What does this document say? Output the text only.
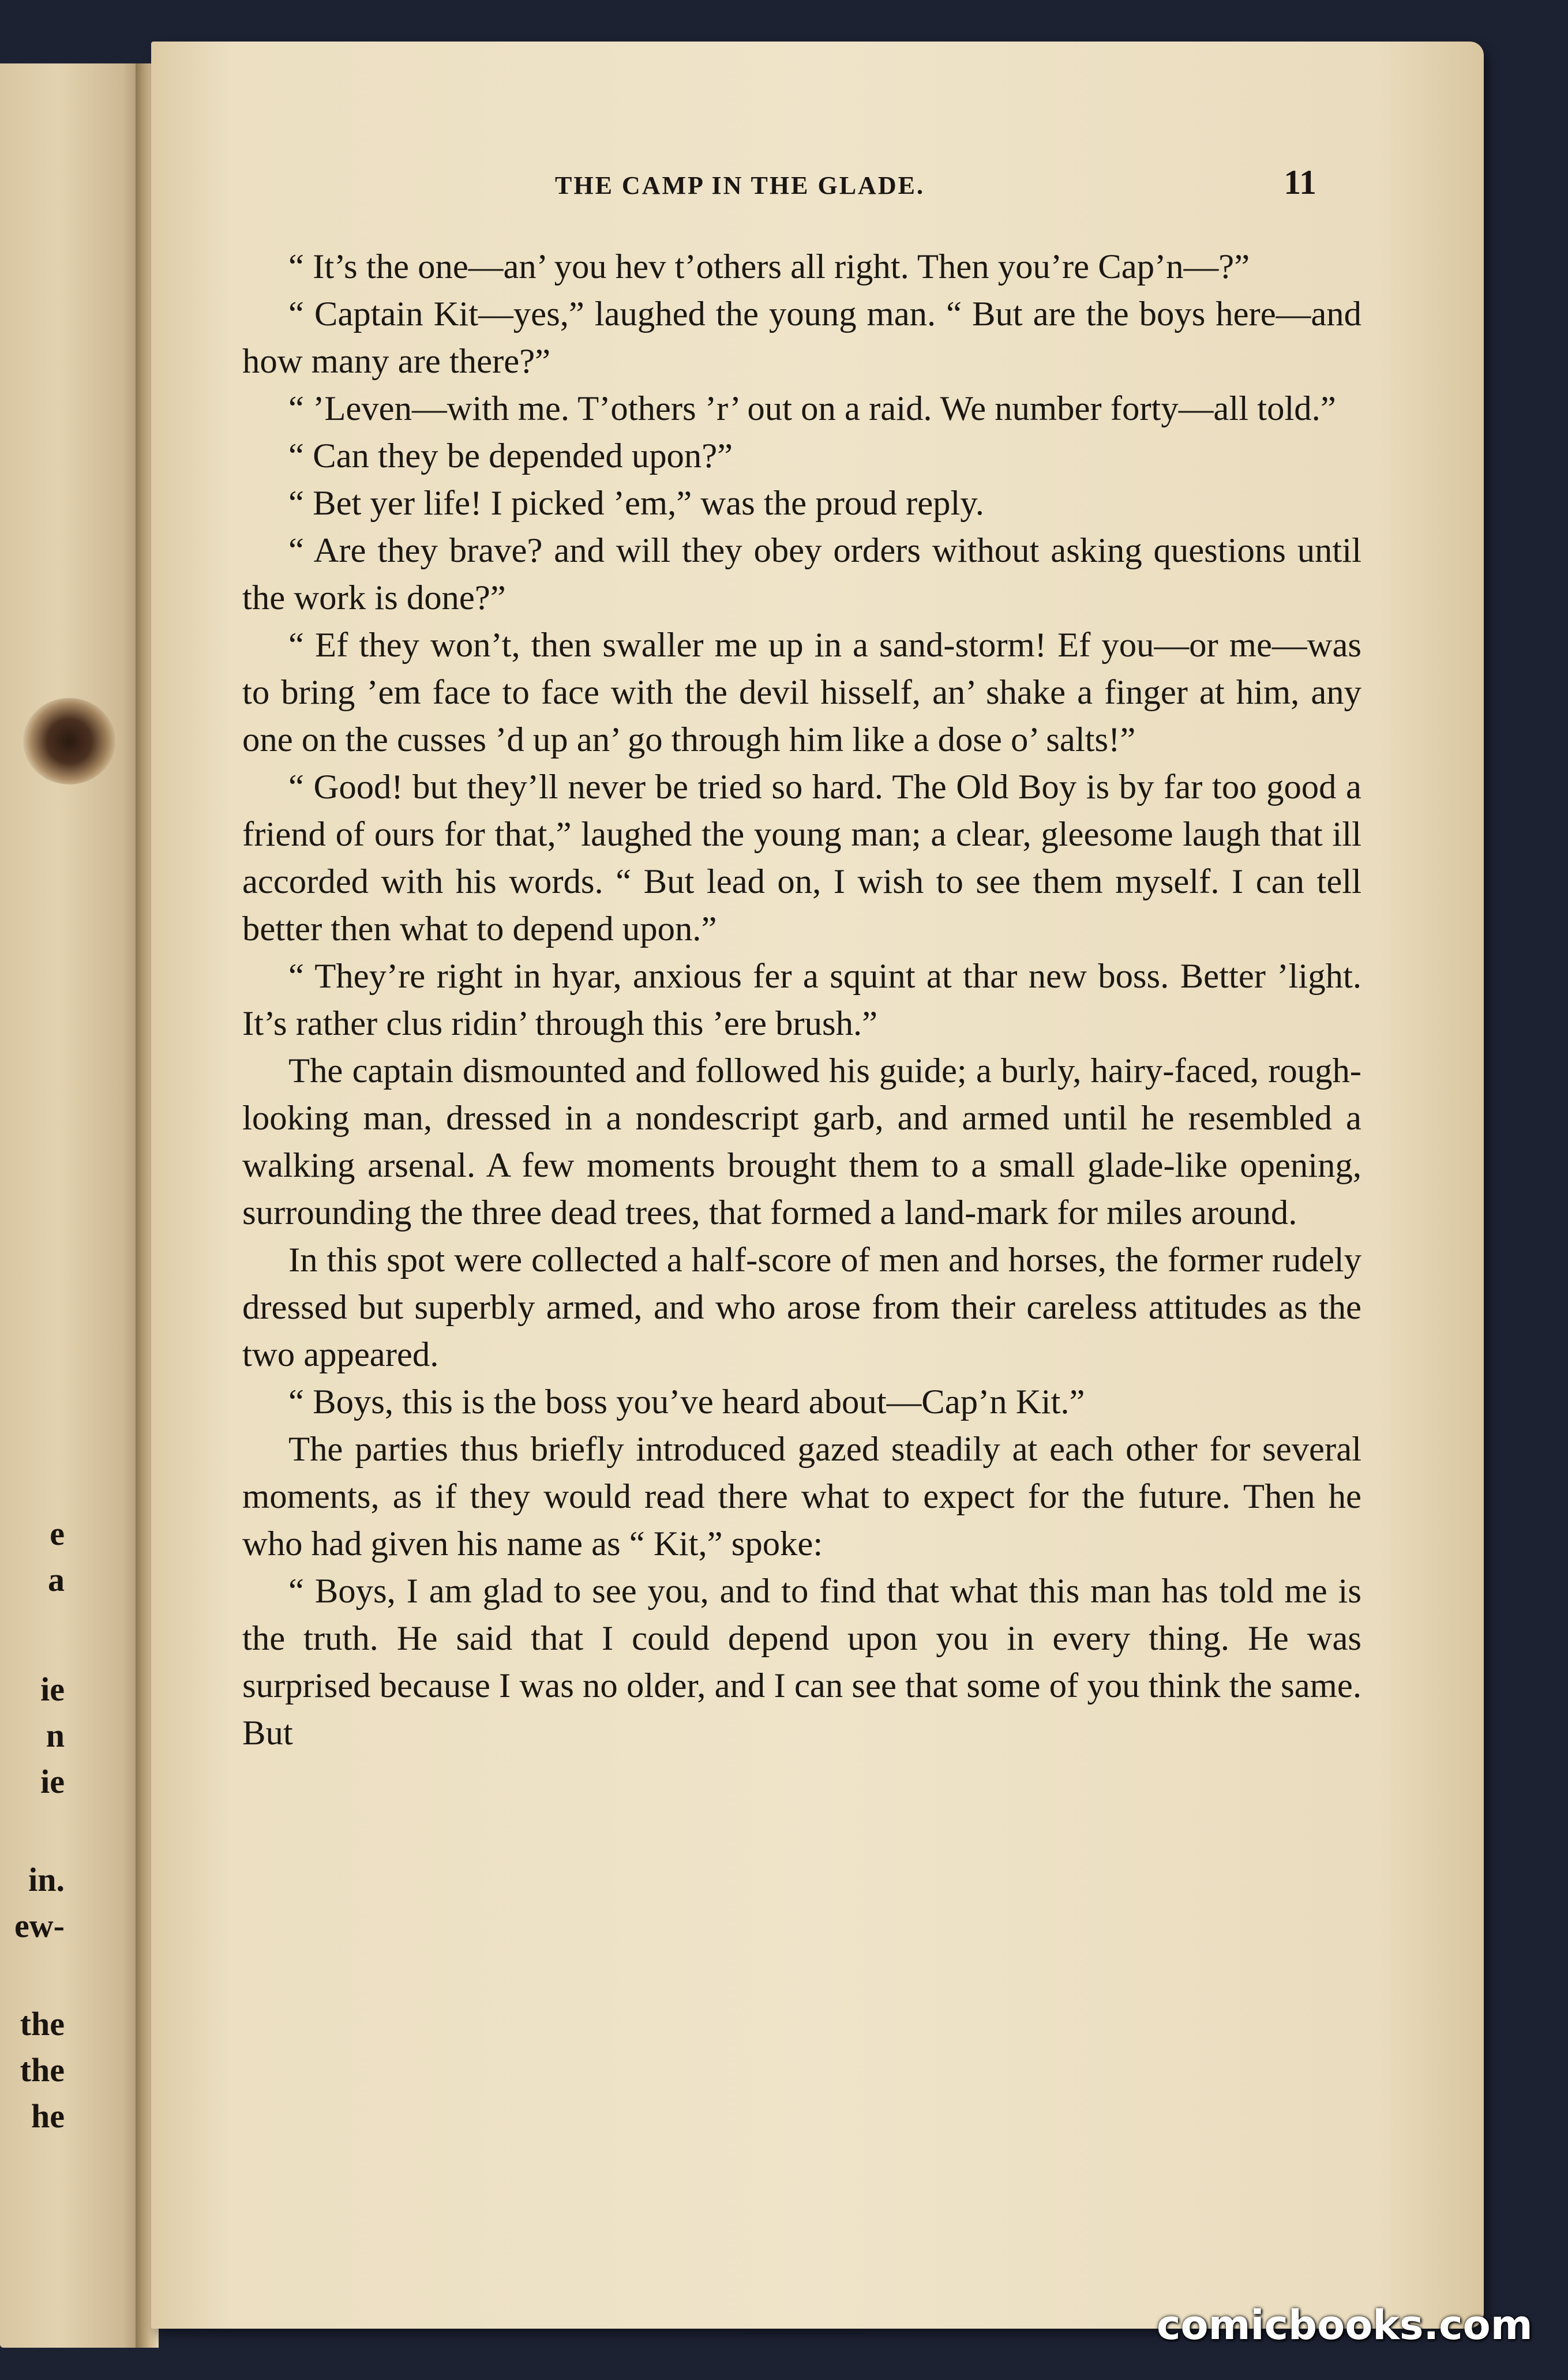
e
a
ie
n
ie
in.
ew-
the
the
he
THE CAMP IN THE GLADE.	11

“ It’s the one—an’ you hev t’others all right. Then you’re Cap’n—?”

“ Captain Kit—yes,” laughed the young man. “ But are the boys here—and how many are there?”

“ ’Leven—with me. T’others ’r’ out on a raid. We number forty—all told.”

“ Can they be depended upon?”

“ Bet yer life! I picked ’em,” was the proud reply.

“ Are they brave? and will they obey orders without asking questions until the work is done?”

“ Ef they won’t, then swaller me up in a sand-storm! Ef you—or me—was to bring ’em face to face with the devil hisself, an’ shake a finger at him, any one on the cusses ’d up an’ go through him like a dose o’ salts!”

“ Good! but they’ll never be tried so hard. The Old Boy is by far too good a friend of ours for that,” laughed the young man; a clear, gleesome laugh that ill accorded with his words. “ But lead on, I wish to see them myself. I can tell better then what to depend upon.”

“ They’re right in hyar, anxious fer a squint at thar new boss. Better ’light. It’s rather clus ridin’ through this ’ere brush.”

The captain dismounted and followed his guide; a burly, hairy-faced, rough-looking man, dressed in a nondescript garb, and armed until he resembled a walking arsenal. A few moments brought them to a small glade-like opening, surrounding the three dead trees, that formed a land-mark for miles around.

In this spot were collected a half-score of men and horses, the former rudely dressed but superbly armed, and who arose from their careless attitudes as the two appeared.

“ Boys, this is the boss you’ve heard about—Cap’n Kit.”

The parties thus briefly introduced gazed steadily at each other for several moments, as if they would read there what to expect for the future. Then he who had given his name as “ Kit,” spoke:

“ Boys, I am glad to see you, and to find that what this man has told me is the truth. He said that I could depend upon you in every thing. He was surprised because I was no older, and I can see that some of you think the same. But

comicbooks.com
